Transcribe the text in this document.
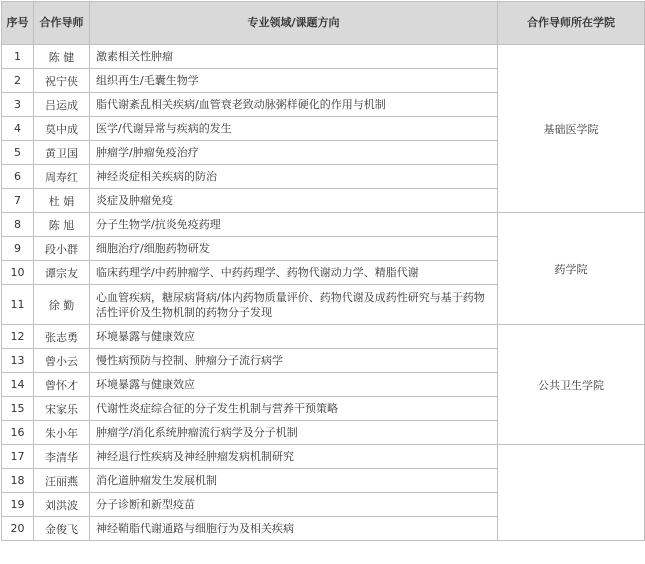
序号	合作导师	专业领域/课题方向	合作导师所在学院
1	陈 健	激素相关性肿瘤	基础医学院
2	祝宁侠	组织再生/毛囊生物学	
3	吕运成	脂代谢紊乱相关疾病/血管衰老致动脉粥样硬化的作用与机制	
4	莫中成	医学/代谢异常与疾病的发生	
5	黄卫国	肿瘤学/肿瘤免疫治疗	
6	周寿红	神经炎症相关疾病的防治	
7	杜 娟	炎症及肿瘤免疫	
8	陈 旭	分子生物学/抗炎免疫药理	药学院
9	段小群	细胞治疗/细胞药物研发	
10	谭宗友	临床药理学/中药肿瘤学、中药药理学、药物代谢动力学、精脂代谢	
11	徐 勤	心血管疾病，糖尿病肾病/体内药物质量评价、药物代谢及成药性研究与基于药物活性评价及生物机制的药物分子发现	
12	张志勇	环境暴露与健康效应	公共卫生学院
13	曾小云	慢性病预防与控制、肿瘤分子流行病学	
14	曾怀才	环境暴露与健康效应	
15	宋家乐	代谢性炎症综合征的分子发生机制与营养干预策略	
16	朱小年	肿瘤学/消化系统肿瘤流行病学及分子机制	
17	李清华	神经退行性疾病及神经肿瘤发病机制研究	
18	汪丽燕	消化道肿瘤发生发展机制	
19	刘洪波	分子诊断和新型疫苗	
20	金俊飞	神经鞘脂代谢通路与细胞行为及相关疾病	
